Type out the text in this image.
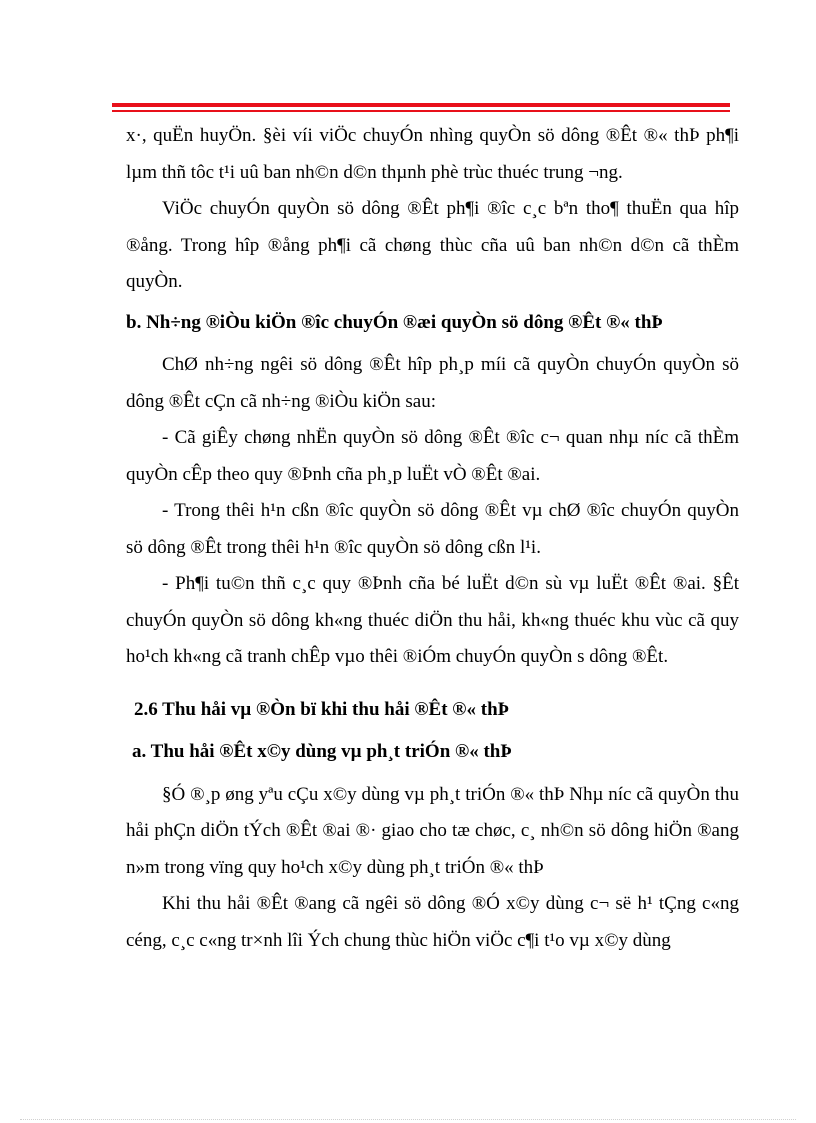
x·, quËn huyÖn. §èi víi viÖc chuyÓn nhìng quyÒn sö dông ®Êt ®« thÞ ph¶i lµm thñ tôc t¹i uû ban nh©n d©n thµnh phè trùc thuéc trung ¬ng.

ViÖc chuyÓn quyÒn sö dông ®Êt ph¶i ®îc c¸c bªn tho¶ thuËn qua hîp ®ång. Trong hîp ®ång ph¶i cã chøng thùc cña uû ban nh©n d©n cã thÈm quyÒn.

b. Nh÷ng ®iÒu kiÖn ®îc chuyÓn ®æi quyÒn sö dông ®Êt ®« thÞ

ChØ nh÷ng ngêi sö dông ®Êt hîp ph¸p míi cã quyÒn chuyÓn quyÒn sö dông ®Êt cÇn cã nh÷ng ®iÒu kiÖn sau:

- Cã giÊy chøng nhËn quyÒn sö dông ®Êt ®îc c¬ quan nhµ níc cã thÈm quyÒn cÊp theo quy ®Þnh cña ph¸p luËt vÒ ®Êt ®ai.

- Trong thêi h¹n cßn ®îc quyÒn sö dông ®Êt vµ chØ ®îc chuyÓn quyÒn sö dông ®Êt trong thêi h¹n ®îc quyÒn sö dông cßn l¹i.

- Ph¶i tu©n thñ c¸c quy ®Þnh cña bé luËt d©n sù vµ luËt ®Êt ®ai. §Êt chuyÓn quyÒn sö dông kh«ng thuéc diÖn thu håi, kh«ng thuéc khu vùc cã quy ho¹ch kh«ng cã tranh chÊp vµo thêi ®iÓm chuyÓn quyÒn s dông ®Êt.

2.6 Thu håi vµ ®Òn bï khi thu håi ®Êt ®« thÞ

a. Thu håi ®Êt x©y dùng vµ ph¸t triÓn ®« thÞ

§Ó ®¸p øng yªu cÇu x©y dùng vµ ph¸t triÓn ®« thÞ Nhµ níc cã quyÒn thu håi phÇn diÖn tÝch ®Êt ®ai ®· giao cho tæ chøc, c¸ nh©n sö dông hiÖn ®ang n»m trong vïng quy ho¹ch x©y dùng ph¸t triÓn ®« thÞ

Khi thu håi ®Êt ®ang cã ngêi sö dông ®Ó x©y dùng c¬ së h¹ tÇng c«ng céng, c¸c c«ng tr×nh lîi Ých chung thùc hiÖn viÖc c¶i t¹o vµ x©y dùng
